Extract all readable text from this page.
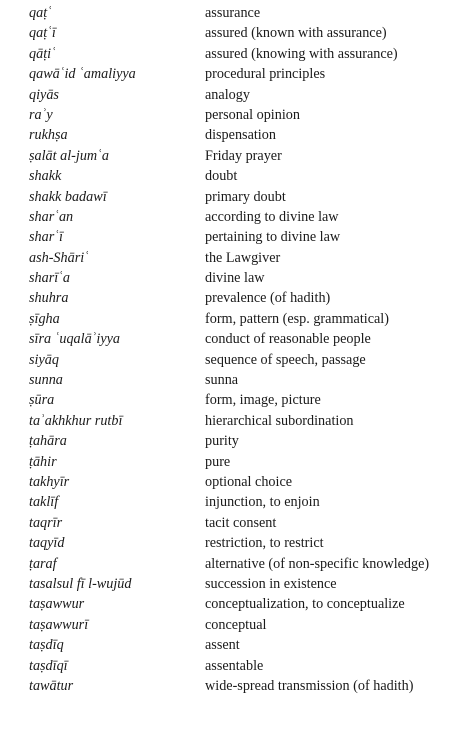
qaṭʿ	assurance
qaṭʿī	assured (known with assurance)
qāṭiʿ	assured (knowing with assurance)
qawāʿid ʿamaliyya	procedural principles
qiyās	analogy
raʾy	personal opinion
rukhṣa	dispensation
ṣalāt al-jumʿa	Friday prayer
shakk	doubt
shakk badawī	primary doubt
sharʿan	according to divine law
sharʿī	pertaining to divine law
ash-Shāriʿ	the Lawgiver
sharīʿa	divine law
shuhra	prevalence (of hadith)
ṣīgha	form, pattern (esp. grammatical)
sīra ʿuqalāʾiyya	conduct of reasonable people
siyāq	sequence of speech, passage
sunna	sunna
ṣūra	form, image, picture
taʾakhkhur rutbī	hierarchical subordination
ṭahāra	purity
ṭāhir	pure
takhyīr	optional choice
taklīf	injunction, to enjoin
taqrīr	tacit consent
taqyīd	restriction, to restrict
ṭaraf	alternative (of non-specific knowledge)
tasalsul fī l-wujūd	succession in existence
taṣawwur	conceptualization, to conceptualize
taṣawwurī	conceptual
taṣdīq	assent
taṣdīqī	assentable
tawātur	wide-spread transmission (of hadith)
